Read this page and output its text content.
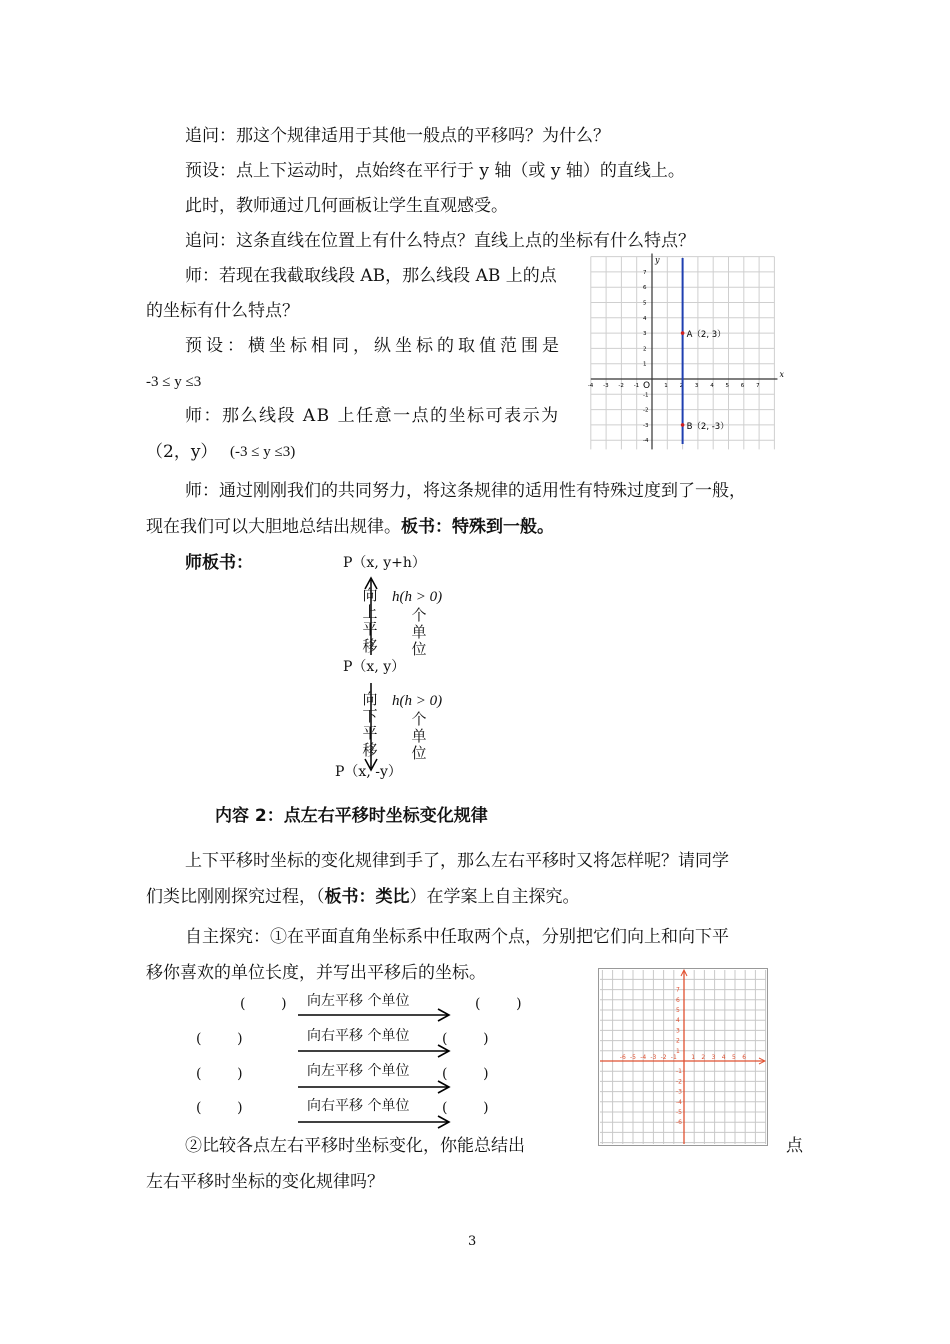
追问：那这个规律适用于其他一般点的平移吗？为什么？
预设：点上下运动时，点始终在平行于 y 轴（或 y 轴）的直线上。
此时，教师通过几何画板让学生直观感受。
追问：这条直线在位置上有什么特点？直线上点的坐标有什么特点？
师：若现在我截取线段 AB，那么线段 AB 上的点
的坐标有什么特点？
预设：横坐标相同，纵坐标的取值范围是
-3 ≤ y ≤3
师：那么线段 AB 上任意一点的坐标可表示为
（2，y） (-3 ≤ y ≤3)
师：通过刚刚我们的共同努力，将这条规律的适用性有特殊过度到了一般，
现在我们可以大胆地总结出规律。板书：特殊到一般。
师板书：	P（x, y+h）
P（x, y）
P（x, -y）
向上平移
向下平移
h(h > 0)
h(h > 0)
个单位
个单位
内容 2：点左右平移时坐标变化规律
上下平移时坐标的变化规律到手了，那么左右平移时又将怎样呢？请同学
们类比刚刚探究过程，（板书：类比）在学案上自主探究。
自主探究：①在平面直角坐标系中任取两个点，分别把它们向上和向下平
移你喜欢的单位长度，并写出平移后的坐标。
(        ) 向左平移 个单位	(        )
(        )	向右平移 个单位 (        )
(        )	向左平移 个单位 (        )
(        )	向右平移 个单位 (        )
②比较各点左右平移时坐标变化，你能总结出	点
左右平移时坐标的变化规律吗？
3
x
y
O
-4 -3 -2 -1	1 2 3 4 5 6 7
7
6
5
4
3
2
1
-1
-2
-3
-4
A（2, 3）
B（2, -3）
-6 -5 -4 -3 -2 -1 1 2 3 4 5 6
7
6
5
4
3
2
1
-1
-2
-3
-4
-5
-6
